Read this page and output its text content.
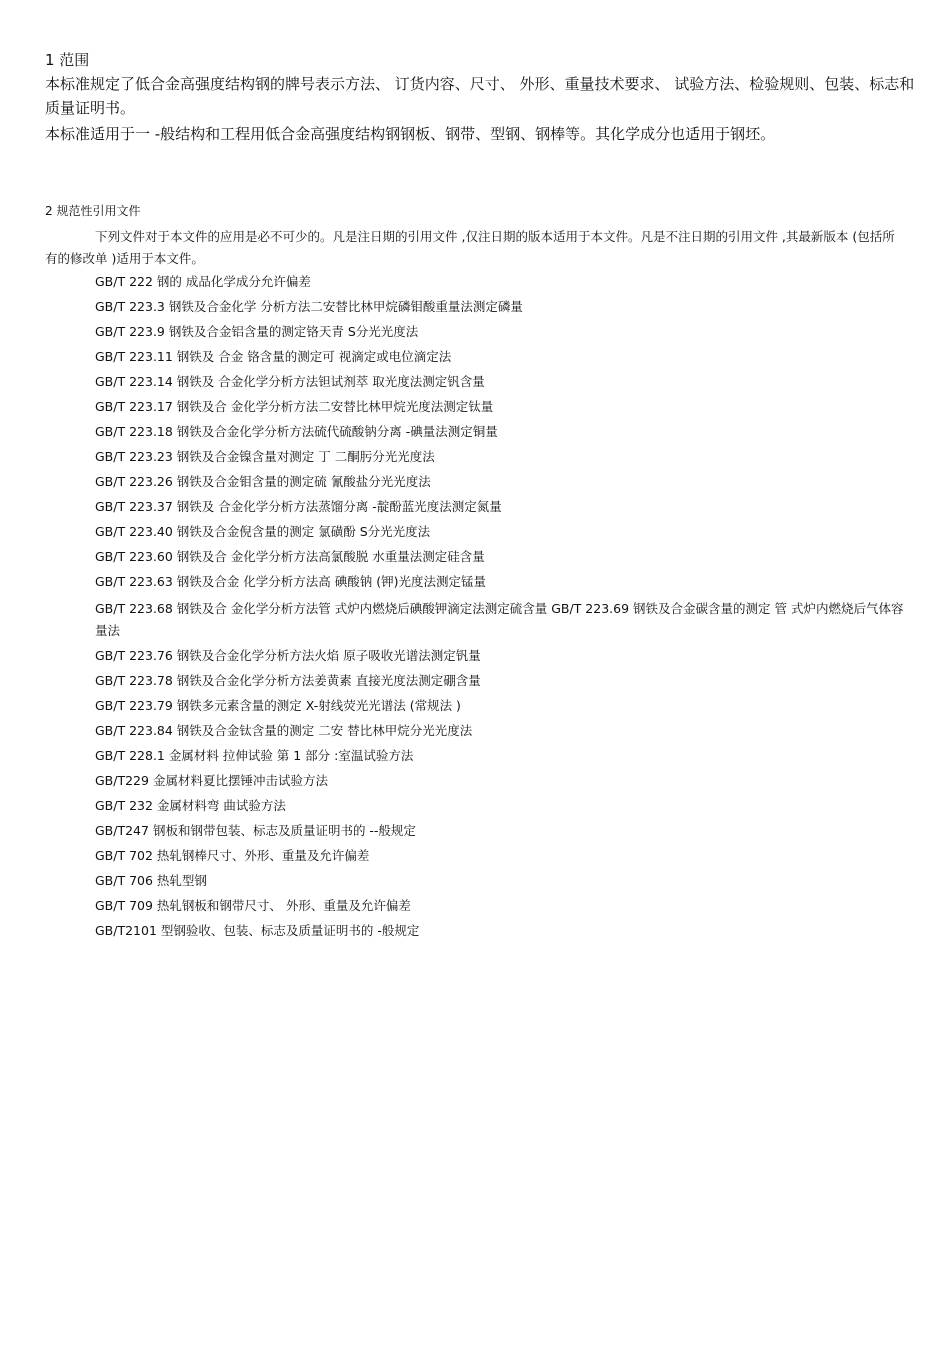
1 范围
本标准规定了低合金高强度结构钢的牌号表示方法、 订货内容、尺寸、 外形、重量技术要求、 试验方法、检验规则、包装、标志和质量证明书。
本标准适用于一 -般结构和工程用低合金高强度结构钢钢板、钢带、型钢、钢棒等。其化学成分也适用于钢坯。
2 规范性引用文件
下列文件对于本文件的应用是必不可少的。凡是注日期的引用文件 ,仅注日期的版本适用于本文件。凡是不注日期的引用文件 ,其最新版本 (包括所有的修改单 )适用于本文件。
GB/T 222 钢的 成品化学成分允许偏差
GB/T 223.3 钢铁及合金化学 分析方法二安替比林甲烷磷钼酸重量法测定磷量
GB/T 223.9 钢铁及合金铝含量的测定铬天青 S分光光度法
GB/T 223.11 钢铁及 合金 铬含量的测定可 视滴定或电位滴定法
GB/T 223.14 钢铁及 合金化学分析方法钽试剂萃 取光度法测定钒含量
GB/T 223.17 钢铁及合 金化学分析方法二安替比林甲烷光度法测定钛量
GB/T 223.18 钢铁及合金化学分析方法硫代硫酸钠分离 -碘量法测定铜量
GB/T 223.23 钢铁及合金镍含量对测定 丁 二酮肟分光光度法
GB/T 223.26 钢铁及合金钼含量的测定硫 氰酸盐分光光度法
GB/T 223.37 钢铁及 合金化学分析方法蒸馏分离 -靛酚蓝光度法测定氮量
GB/T 223.40 钢铁及合金倪含量的测定 氯磺酚 S分光光度法
GB/T 223.60 钢铁及合 金化学分析方法高氯酸脱 水重量法测定硅含量
GB/T 223.63 钢铁及合金 化学分析方法高 碘酸钠 (钾)光度法测定锰量
GB/T 223.68 钢铁及合 金化学分析方法管 式炉内燃烧后碘酸钾滴定法测定硫含量 GB/T 223.69 钢铁及合金碳含量的测定 管 式炉内燃烧后气体容量法
GB/T 223.76 钢铁及合金化学分析方法火焰 原子吸收光谱法测定钒量
GB/T 223.78 钢铁及合金化学分析方法姜黄素 直接光度法测定硼含量
GB/T 223.79 钢铁多元素含量的测定 X-射线荧光光谱法 (常规法 )
GB/T 223.84 钢铁及合金钛含量的测定 二安 替比林甲烷分光光度法
GB/T 228.1 金属材料 拉伸试验 第 1 部分 :室温试验方法
GB/T229 金属材料夏比摆锤冲击试验方法
GB/T 232 金属材料弯 曲试验方法
GB/T247 钢板和钢带包装、标志及质量证明书的 --般规定
GB/T 702 热轧钢棒尺寸、外形、重量及允许偏差
GB/T 706 热轧型钢
GB/T 709 热轧钢板和钢带尺寸、 外形、重量及允许偏差
GB/T2101 型钢验收、包装、标志及质量证明书的 -般规定
